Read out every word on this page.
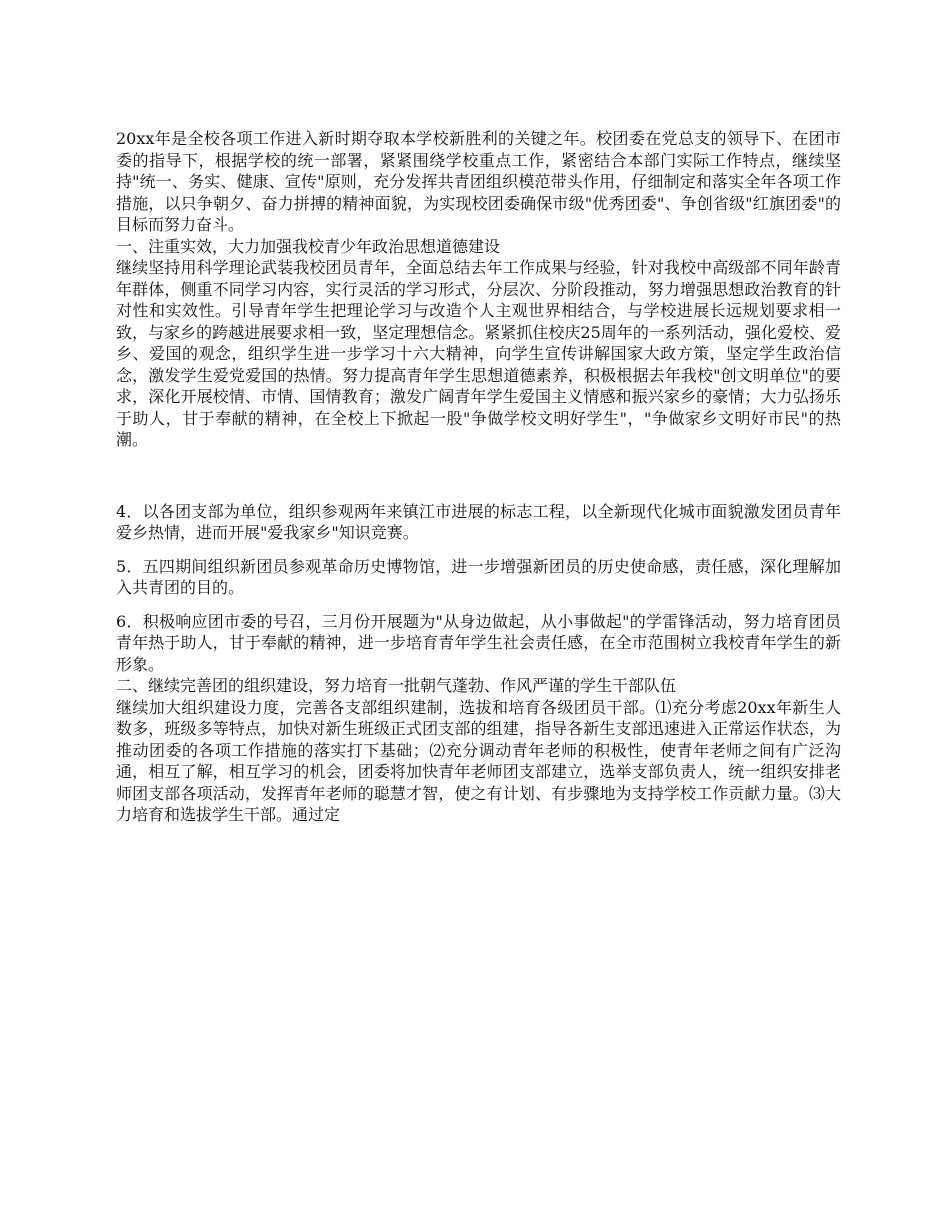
20xx年是全校各项工作进入新时期夺取本学校新胜利的关键之年。校团委在党总支的领导下、在团市委的指导下，根据学校的统一部署，紧紧围绕学校重点工作，紧密结合本部门实际工作特点，继续坚持"统一、务实、健康、宣传"原则，充分发挥共青团组织模范带头作用，仔细制定和落实全年各项工作措施，以只争朝夕、奋力拼搏的精神面貌，为实现校团委确保市级"优秀团委"、争创省级"红旗团委"的目标而努力奋斗。

一、注重实效，大力加强我校青少年政治思想道德建设

继续坚持用科学理论武装我校团员青年，全面总结去年工作成果与经验，针对我校中高级部不同年龄青年群体，侧重不同学习内容，实行灵活的学习形式，分层次、分阶段推动，努力增强思想政治教育的针对性和实效性。引导青年学生把理论学习与改造个人主观世界相结合，与学校进展长远规划要求相一致，与家乡的跨越进展要求相一致，坚定理想信念。紧紧抓住校庆25周年的一系列活动，强化爱校、爱乡、爱国的观念，组织学生进一步学习十六大精神，向学生宣传讲解国家大政方策，坚定学生政治信念，激发学生爱党爱国的热情。努力提高青年学生思想道德素养，积极根据去年我校"创文明单位"的要求，深化开展校情、市情、国情教育；激发广阔青年学生爱国主义情感和振兴家乡的豪情；大力弘扬乐于助人，甘于奉献的精神，在全校上下掀起一股"争做学校文明好学生"，"争做家乡文明好市民"的热潮。

4．以各团支部为单位，组织参观两年来镇江市进展的标志工程，以全新现代化城市面貌激发团员青年爱乡热情，进而开展"爱我家乡"知识竞赛。

5．五四期间组织新团员参观革命历史博物馆，进一步增强新团员的历史使命感，责任感，深化理解加入共青团的目的。

6．积极响应团市委的号召，三月份开展题为"从身边做起，从小事做起"的学雷锋活动，努力培育团员青年热于助人，甘于奉献的精神，进一步培育青年学生社会责任感，在全市范围树立我校青年学生的新形象。

二、继续完善团的组织建设，努力培育一批朝气蓬勃、作风严谨的学生干部队伍

继续加大组织建设力度，完善各支部组织建制，选拔和培育各级团员干部。⑴充分考虑20xx年新生人数多，班级多等特点，加快对新生班级正式团支部的组建，指导各新生支部迅速进入正常运作状态，为推动团委的各项工作措施的落实打下基础；⑵充分调动青年老师的积极性，使青年老师之间有广泛沟通，相互了解，相互学习的机会，团委将加快青年老师团支部建立，选举支部负责人，统一组织安排老师团支部各项活动，发挥青年老师的聪慧才智，使之有计划、有步骤地为支持学校工作贡献力量。⑶大力培育和选拔学生干部。通过定
